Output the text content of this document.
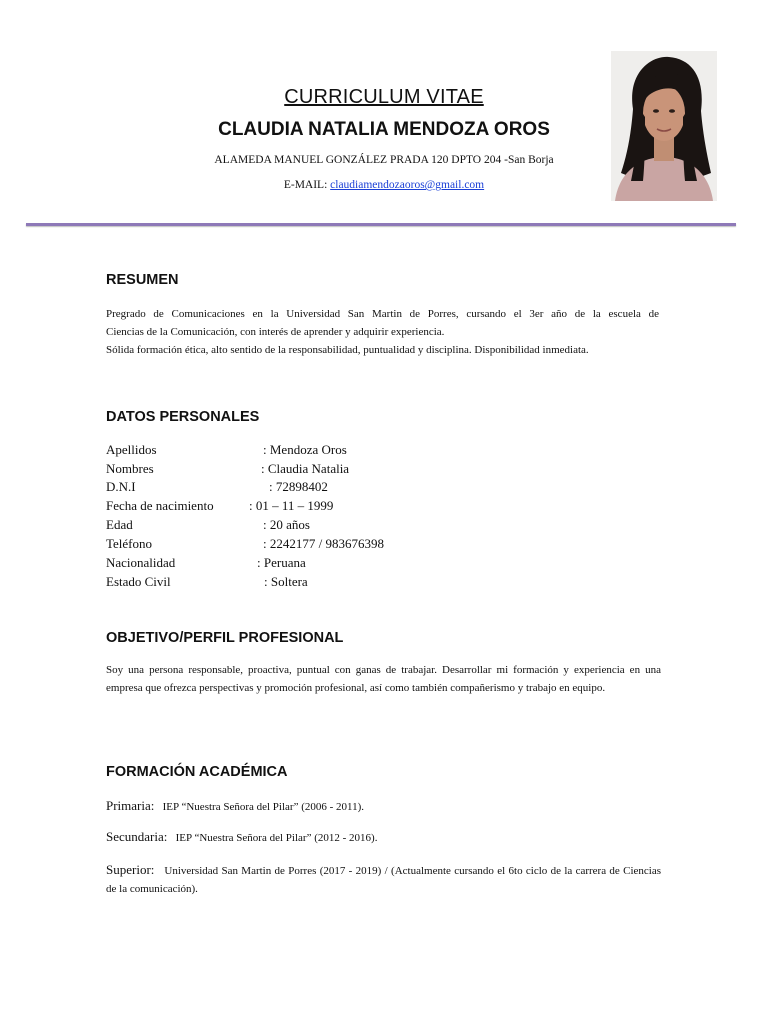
CURRICULUM VITAE
CLAUDIA NATALIA MENDOZA OROS
ALAMEDA MANUEL GONZÁLEZ PRADA 120 DPTO 204 -San Borja
E-MAIL: claudiamendozaoros@gmail.com
RESUMEN
Pregrado de Comunicaciones en la Universidad San Martin de Porres, cursando el 3er año de la escuela de
Ciencias de la Comunicación, con interés de aprender y adquirir experiencia.
Sólida formación ética, alto sentido de la responsabilidad, puntualidad y disciplina. Disponibilidad inmediata.
DATOS PERSONALES
Apellidos	: Mendoza Oros
Nombres	: Claudia Natalia
D.N.I	: 72898402
Fecha de nacimiento	: 01 – 11 – 1999
Edad	: 20 años
Teléfono	: 2242177 / 983676398
Nacionalidad	: Peruana
Estado Civil	: Soltera
OBJETIVO/PERFIL PROFESIONAL
Soy una persona responsable, proactiva, puntual con ganas de trabajar. Desarrollar mi formación y experiencia en una empresa que ofrezca perspectivas y promoción profesional, así como también compañerismo y trabajo en equipo.
FORMACIÓN ACADÉMICA
Primaria: IEP “Nuestra Señora del Pilar” (2006 - 2011).
Secundaria: IEP “Nuestra Señora del Pilar” (2012 - 2016).
Superior: Universidad San Martin de Porres (2017 - 2019) / (Actualmente cursando el 6to ciclo de la carrera de Ciencias de la comunicación).
